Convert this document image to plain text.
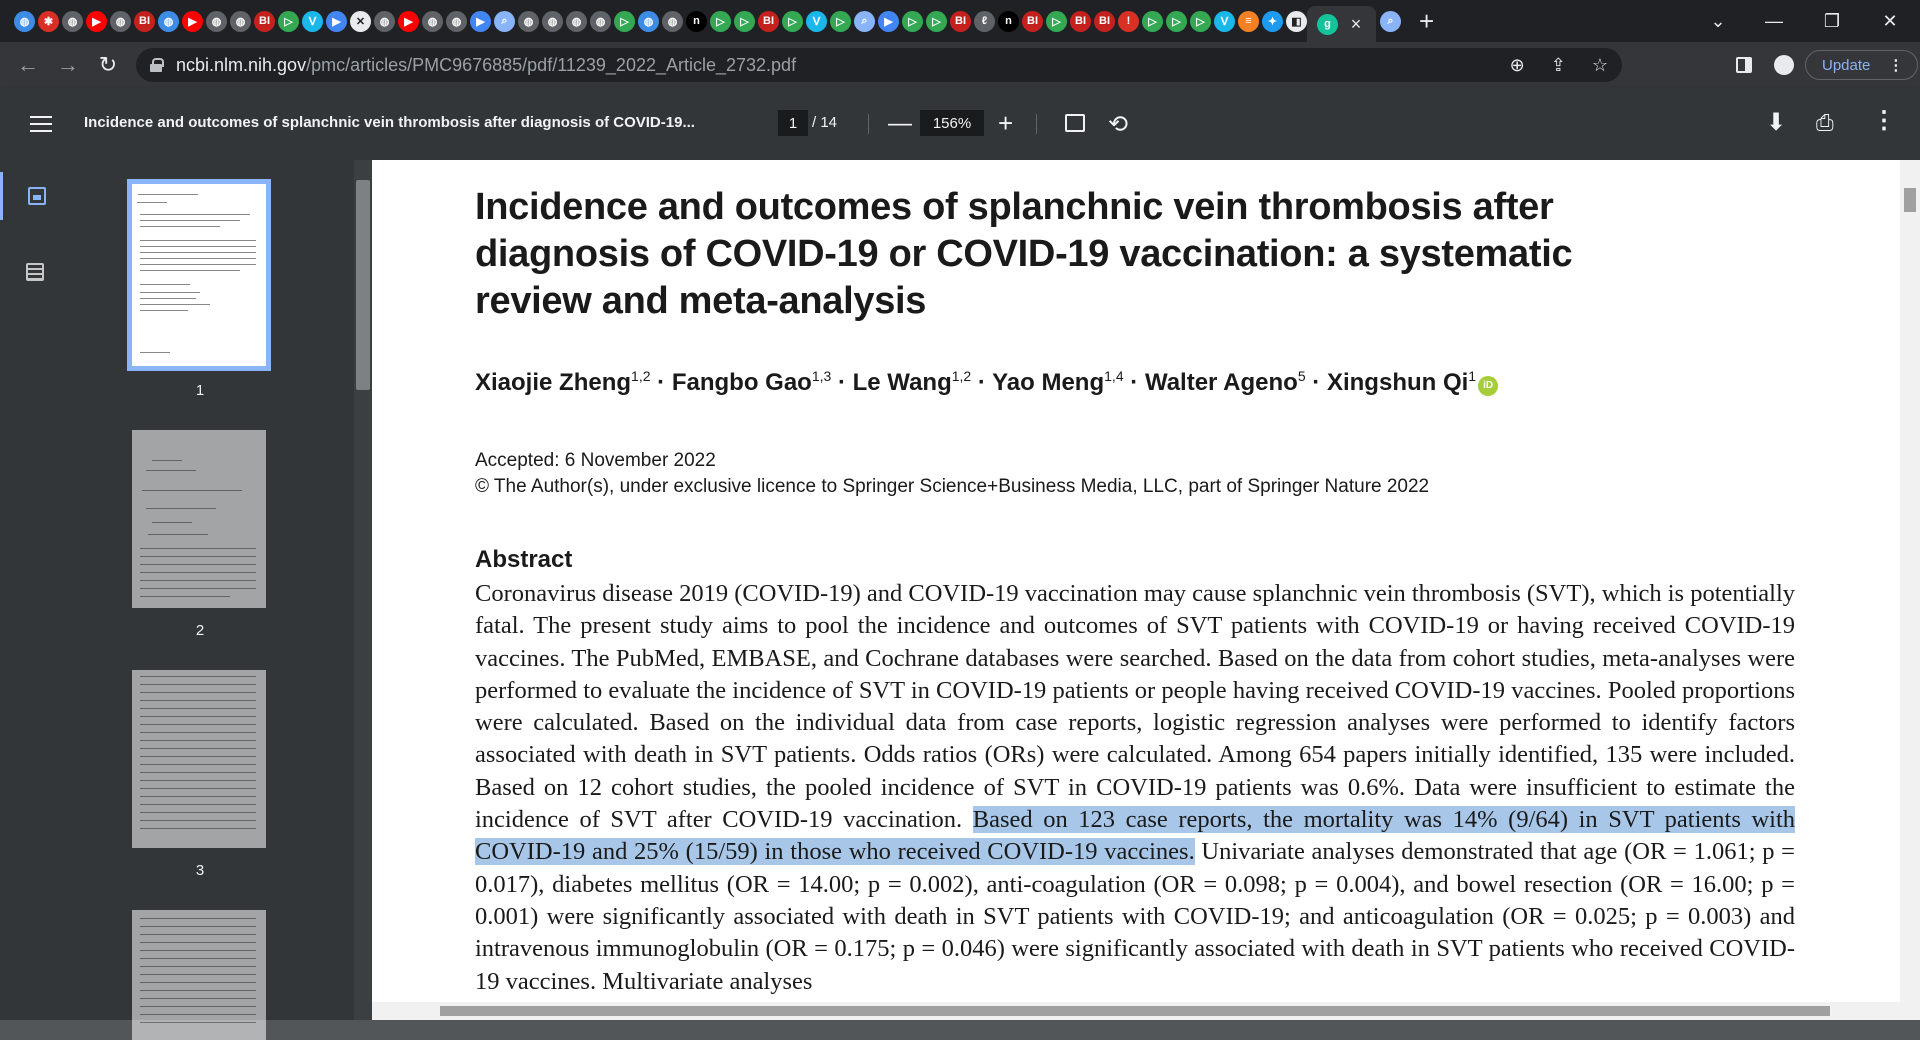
◍	✱	◍	▶	◍	BI	◍	▶	◍	◍	BI	▷	ᐯ	▶	✕	◍	▶	◍	◍	▶	⌕	◍	◍	◍	◍	▷	◍	◍	n	▷	▷	BI	▷	ᐯ	▷	⌕	▶	▷	▷	BI	ℓ	n	BI	▷	BI	BI	!	▷	▷	▷	ᐯ	≡	✦	◧	g	×	⌕ +	⌄	—	❐	✕
← → ↻	ncbi.nlm.nih.gov/pmc/articles/PMC9676885/pdf/11239_2022_Article_2732.pdf	⊕ ⇪ ☆	Update ⋮
Incidence and outcomes of splanchnic vein thrombosis after diagnosis of COVID-19...	1 / 14 —	156%	+	⟲	⬇ ⎙ ⋮
1
2
3
Incidence and outcomes of splanchnic vein thrombosis after diagnosis of COVID-19 or COVID-19 vaccination: a systematic review and meta-analysis
Xiaojie Zheng$^{1,2}$ · Fangbo Gao$^{1,3}$ · Le Wang$^{1,2}$ · Yao Meng$^{1,4}$ · Walter Ageno$^5$ · Xingshun Qi$^1$iD
Accepted: 6 November 2022
© The Author(s), under exclusive licence to Springer Science+Business Media, LLC, part of Springer Nature 2022
Abstract
Coronavirus disease 2019 (COVID-19) and COVID-19 vaccination may cause splanchnic vein thrombosis (SVT), which is potentially fatal. The present study aims to pool the incidence and outcomes of SVT patients with COVID-19 or having received COVID-19 vaccines. The PubMed, EMBASE, and Cochrane databases were searched. Based on the data from cohort studies, meta-analyses were performed to evaluate the incidence of SVT in COVID-19 patients or people having received COVID-19 vaccines. Pooled proportions were calculated. Based on the individual data from case reports, logistic regression analyses were performed to identify factors associated with death in SVT patients. Odds ratios (ORs) were calculated. Among 654 papers initially identified, 135 were included. Based on 12 cohort studies, the pooled incidence of SVT in COVID-19 patients was 0.6%. Data were insufficient to estimate the incidence of SVT after COVID-19 vaccination. Based on 123 case reports, the mortality was 14% (9/64) in SVT patients with COVID-19 and 25% (15/59) in those who received COVID-19 vaccines. Univariate analyses demonstrated that age (OR = 1.061; p = 0.017), diabetes mellitus (OR = 14.00; p = 0.002), anti-coagulation (OR = 0.098; p = 0.004), and bowel resection (OR = 16.00; p = 0.001) were significantly associated with death in SVT patients with COVID-19; and anticoagulation (OR = 0.025; p = 0.003) and intravenous immunoglobulin (OR = 0.175; p = 0.046) were significantly associated with death in SVT patients who received COVID-19 vaccines. Multivariate analyses
